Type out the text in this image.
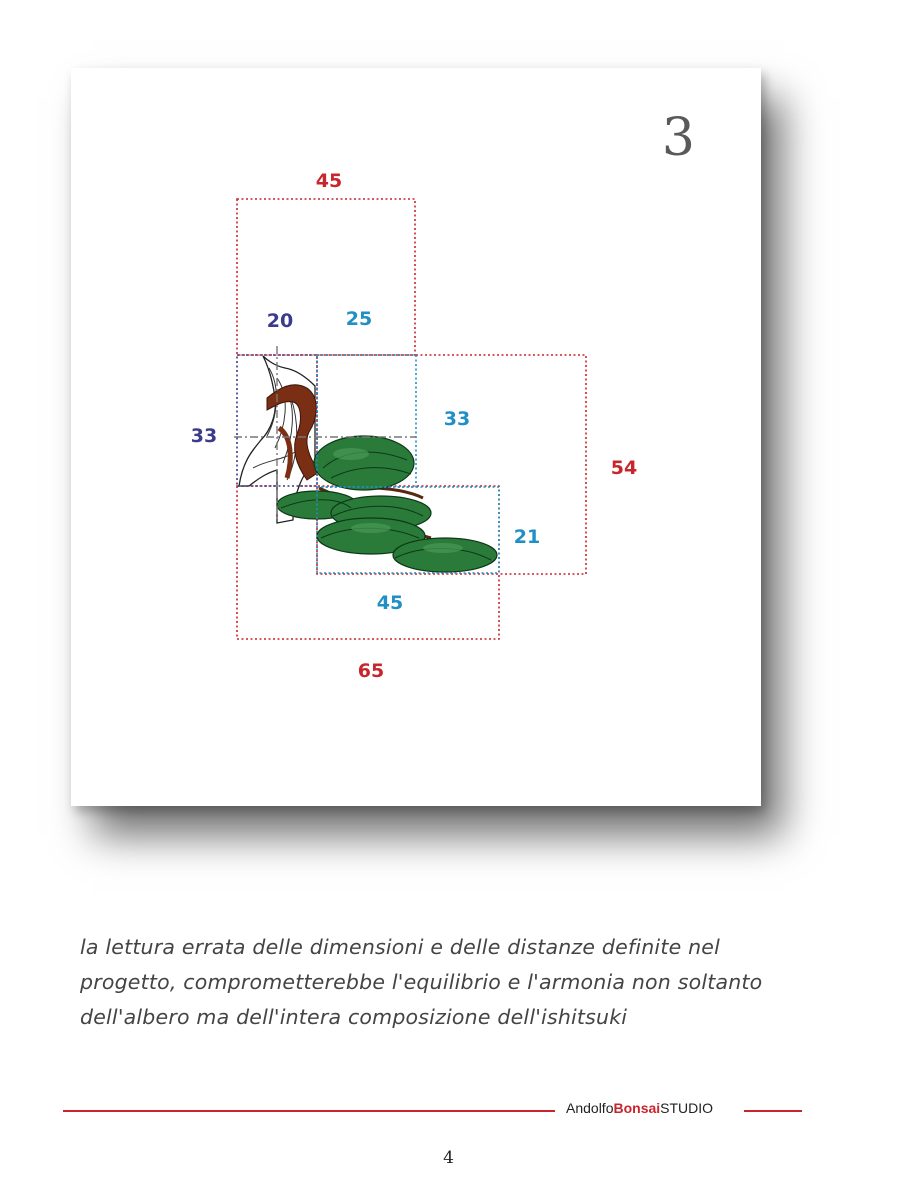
3
45
20	25
33
33
54
21
45
65
la lettura errata delle dimensioni e delle distanze definite nel
progetto, comprometterebbe l'equilibrio e l'armonia non soltanto
dell'albero ma dell'intera composizione dell'ishitsuki
AndolfoBonsaiSTUDIO
4
